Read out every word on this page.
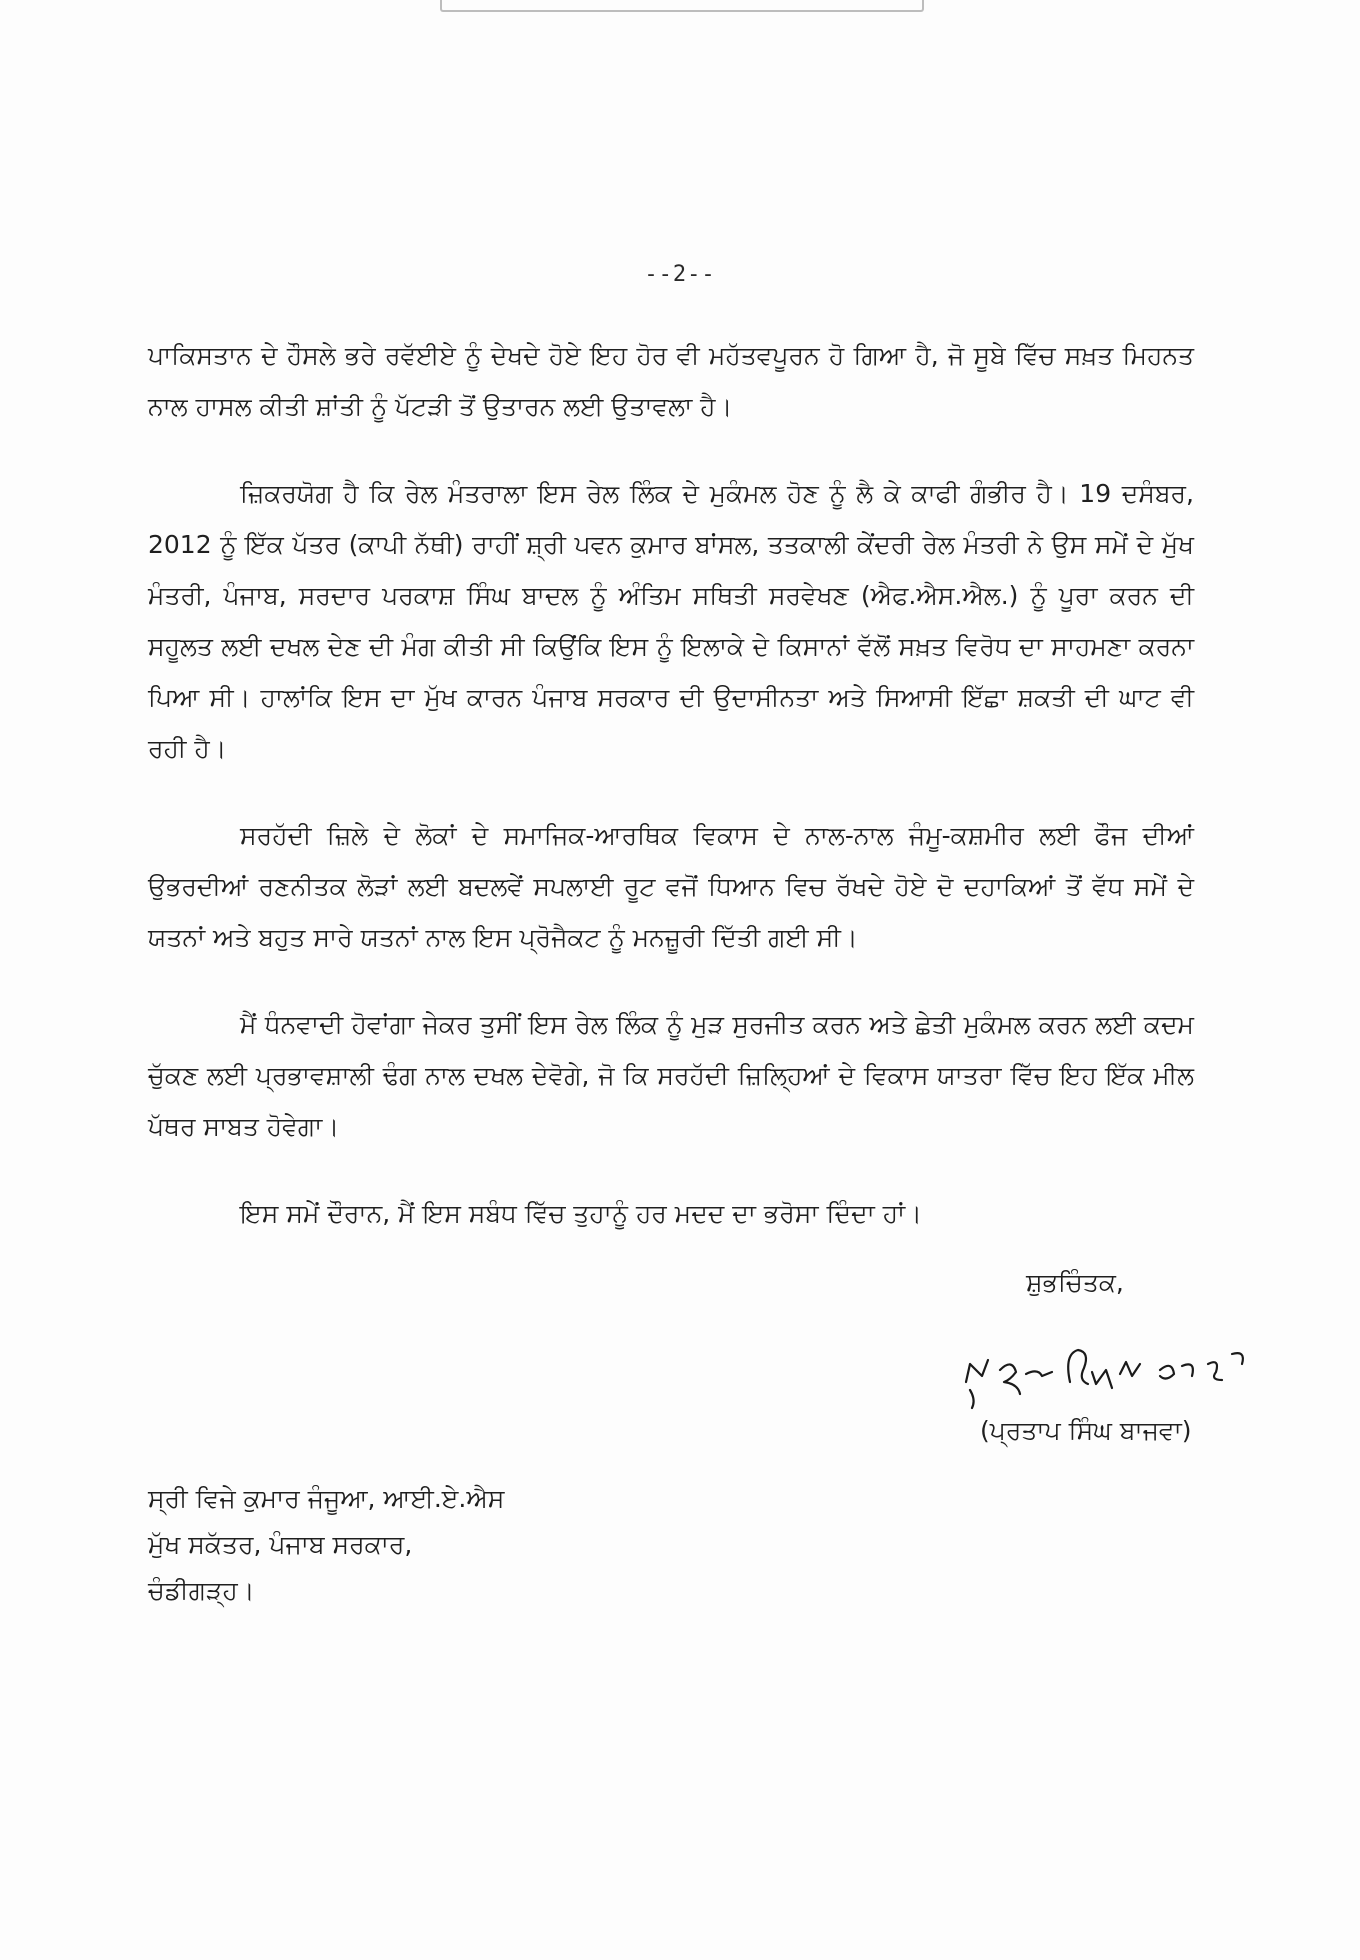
--2--

ਪਾਕਿਸਤਾਨ ਦੇ ਹੌਸਲੇ ਭਰੇ ਰਵੱਈਏ ਨੂੰ ਦੇਖਦੇ ਹੋਏ ਇਹ ਹੋਰ ਵੀ ਮਹੱਤਵਪੂਰਨ ਹੋ ਗਿਆ ਹੈ, ਜੋ ਸੂਬੇ ਵਿੱਚ ਸਖ਼ਤ ਮਿਹਨਤ ਨਾਲ ਹਾਸਲ ਕੀਤੀ ਸ਼ਾਂਤੀ ਨੂੰ ਪੱਟੜੀ ਤੋਂ ਉਤਾਰਨ ਲਈ ਉਤਾਵਲਾ ਹੈ।

ਜ਼ਿਕਰਯੋਗ ਹੈ ਕਿ ਰੇਲ ਮੰਤਰਾਲਾ ਇਸ ਰੇਲ ਲਿੰਕ ਦੇ ਮੁਕੰਮਲ ਹੋਣ ਨੂੰ ਲੈ ਕੇ ਕਾਫੀ ਗੰਭੀਰ ਹੈ। 19 ਦਸੰਬਰ, 2012 ਨੂੰ ਇੱਕ ਪੱਤਰ (ਕਾਪੀ ਨੱਥੀ) ਰਾਹੀਂ ਸ਼੍ਰੀ ਪਵਨ ਕੁਮਾਰ ਬਾਂਸਲ, ਤਤਕਾਲੀ ਕੇਂਦਰੀ ਰੇਲ ਮੰਤਰੀ ਨੇ ਉਸ ਸਮੇਂ ਦੇ ਮੁੱਖ ਮੰਤਰੀ, ਪੰਜਾਬ, ਸਰਦਾਰ ਪਰਕਾਸ਼ ਸਿੰਘ ਬਾਦਲ ਨੂੰ ਅੰਤਿਮ ਸਥਿਤੀ ਸਰਵੇਖਣ (ਐਫ.ਐਸ.ਐਲ.) ਨੂੰ ਪੂਰਾ ਕਰਨ ਦੀ ਸਹੂਲਤ ਲਈ ਦਖਲ ਦੇਣ ਦੀ ਮੰਗ ਕੀਤੀ ਸੀ ਕਿਉਂਕਿ ਇਸ ਨੂੰ ਇਲਾਕੇ ਦੇ ਕਿਸਾਨਾਂ ਵੱਲੋਂ ਸਖ਼ਤ ਵਿਰੋਧ ਦਾ ਸਾਹਮਣਾ ਕਰਨਾ ਪਿਆ ਸੀ। ਹਾਲਾਂਕਿ ਇਸ ਦਾ ਮੁੱਖ ਕਾਰਨ ਪੰਜਾਬ ਸਰਕਾਰ ਦੀ ਉਦਾਸੀਨਤਾ ਅਤੇ ਸਿਆਸੀ ਇੱਛਾ ਸ਼ਕਤੀ ਦੀ ਘਾਟ ਵੀ ਰਹੀ ਹੈ।

ਸਰਹੱਦੀ ਜ਼ਿਲੇ ਦੇ ਲੋਕਾਂ ਦੇ ਸਮਾਜਿਕ-ਆਰਥਿਕ ਵਿਕਾਸ ਦੇ ਨਾਲ-ਨਾਲ ਜੰਮੂ-ਕਸ਼ਮੀਰ ਲਈ ਫੌਜ ਦੀਆਂ ਉਭਰਦੀਆਂ ਰਣਨੀਤਕ ਲੋੜਾਂ ਲਈ ਬਦਲਵੇਂ ਸਪਲਾਈ ਰੂਟ ਵਜੋਂ ਧਿਆਨ ਵਿਚ ਰੱਖਦੇ ਹੋਏ ਦੋ ਦਹਾਕਿਆਂ ਤੋਂ ਵੱਧ ਸਮੇਂ ਦੇ ਯਤਨਾਂ ਅਤੇ ਬਹੁਤ ਸਾਰੇ ਯਤਨਾਂ ਨਾਲ ਇਸ ਪ੍ਰੋਜੈਕਟ ਨੂੰ ਮਨਜ਼ੂਰੀ ਦਿੱਤੀ ਗਈ ਸੀ।

ਮੈਂ ਧੰਨਵਾਦੀ ਹੋਵਾਂਗਾ ਜੇਕਰ ਤੁਸੀਂ ਇਸ ਰੇਲ ਲਿੰਕ ਨੂੰ ਮੁੜ ਸੁਰਜੀਤ ਕਰਨ ਅਤੇ ਛੇਤੀ ਮੁਕੰਮਲ ਕਰਨ ਲਈ ਕਦਮ ਚੁੱਕਣ ਲਈ ਪ੍ਰਭਾਵਸ਼ਾਲੀ ਢੰਗ ਨਾਲ ਦਖਲ ਦੇਵੋਗੇ, ਜੋ ਕਿ ਸਰਹੱਦੀ ਜ਼ਿਲ੍ਹਿਆਂ ਦੇ ਵਿਕਾਸ ਯਾਤਰਾ ਵਿੱਚ ਇਹ ਇੱਕ ਮੀਲ ਪੱਥਰ ਸਾਬਤ ਹੋਵੇਗਾ।

ਇਸ ਸਮੇਂ ਦੌਰਾਨ, ਮੈਂ ਇਸ ਸਬੰਧ ਵਿੱਚ ਤੁਹਾਨੂੰ ਹਰ ਮਦਦ ਦਾ ਭਰੋਸਾ ਦਿੰਦਾ ਹਾਂ।

ਸ਼ੁਭਚਿੰਤਕ,
(ਪ੍ਰਤਾਪ ਸਿੰਘ ਬਾਜਵਾ)
ਸ੍ਰੀ ਵਿਜੇ ਕੁਮਾਰ ਜੰਜੂਆ, ਆਈ.ਏ.ਐਸ
ਮੁੱਖ ਸਕੱਤਰ, ਪੰਜਾਬ ਸਰਕਾਰ,
ਚੰਡੀਗੜ੍ਹ।
